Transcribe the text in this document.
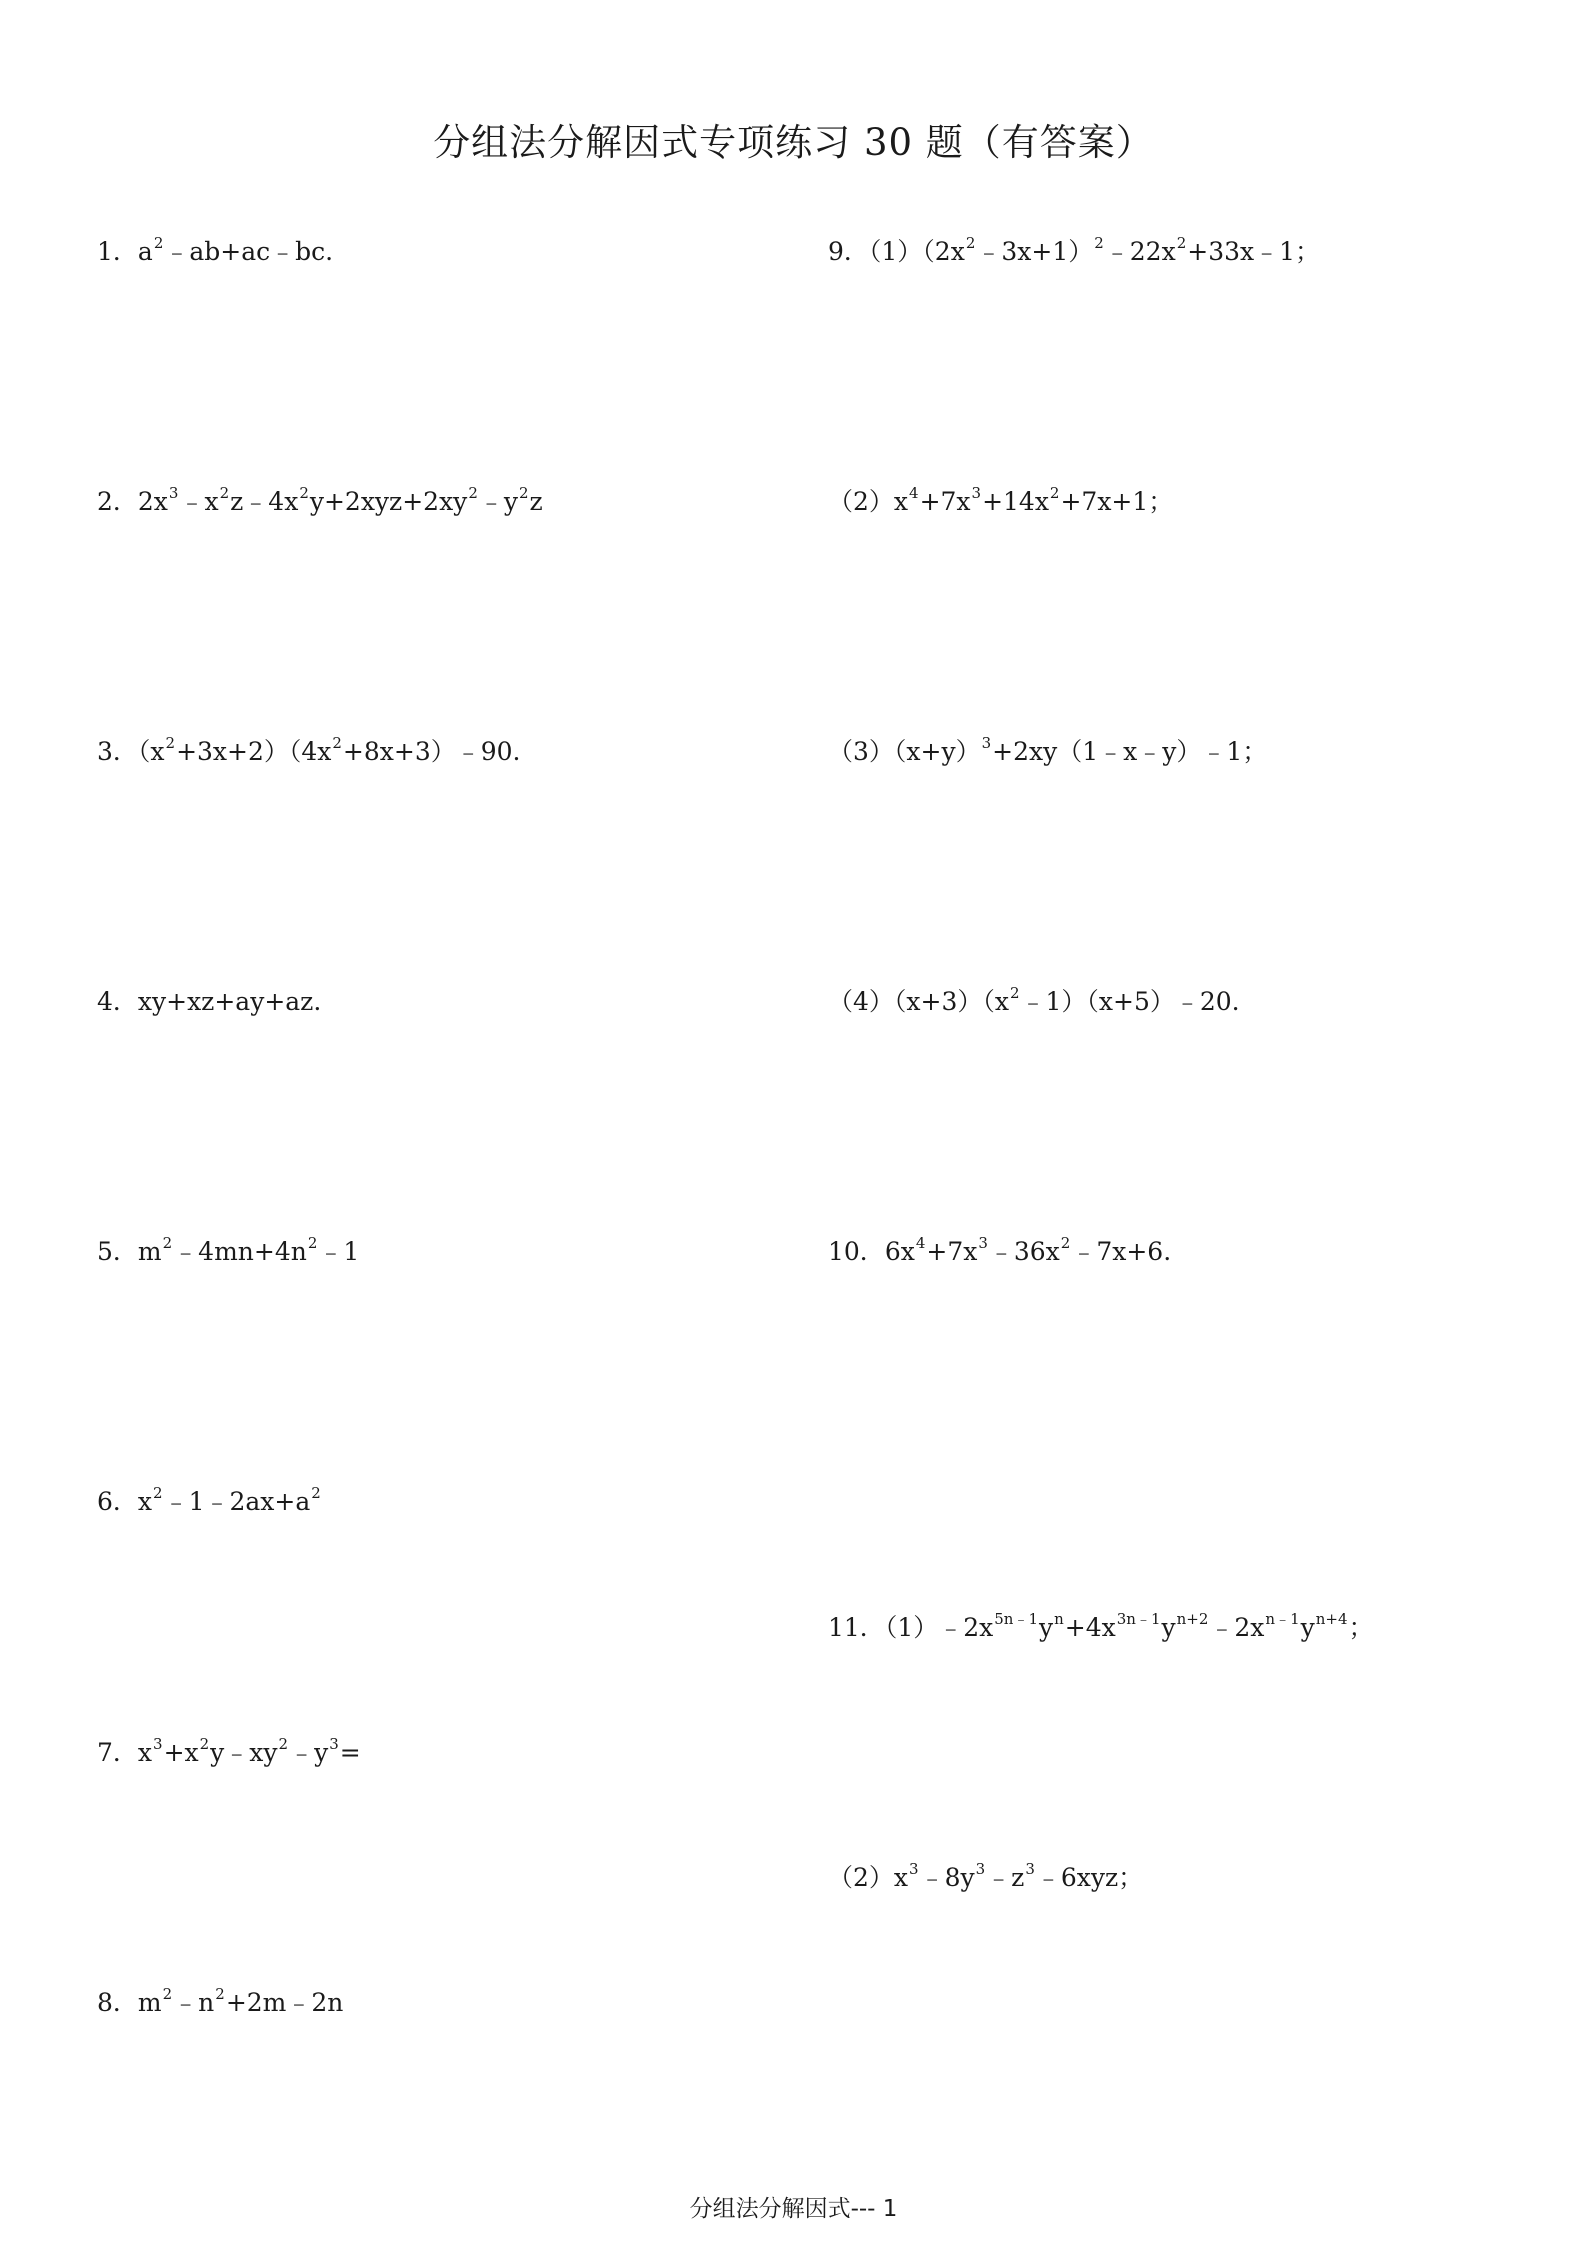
分组法分解因式专项练习 30 题（有答案）
1．$a^2﹣ab+ac﹣bc$.
2．$2x^3﹣x^2z﹣4x^2y+2xyz+2xy^2﹣y^2z$
3．$(x^2+3x+2)(4x^2+8x+3)﹣90$.
4．xy+xz+ay+az.
5．$m^2﹣4mn+4n^2﹣1$
6．$x^2﹣1﹣2ax+a^2$
7．$x^3+x^2y﹣xy^2﹣y^3=$
8．$m^2﹣n^2+2m﹣2n$
9．$(1)(2x^2﹣3x+1)^2﹣22x^2+33x﹣1$；
$(2)x^4+7x^3+14x^2+7x+1$；
$(3)(x+y)^3+2xy(1﹣x﹣y)﹣1$；
$(4)(x+3)(x^2﹣1)(x+5)﹣20$.
10．$6x^4+7x^3﹣36x^2﹣7x+6$.
11．$(1)﹣2x^{5n﹣1}y^n+4x^{3n﹣1}y^{n+2}﹣2x^{n﹣1}y^{n+4}$；
$(2)x^3﹣8y^3﹣z^3﹣6xyz$；
分组法分解因式--- 1
